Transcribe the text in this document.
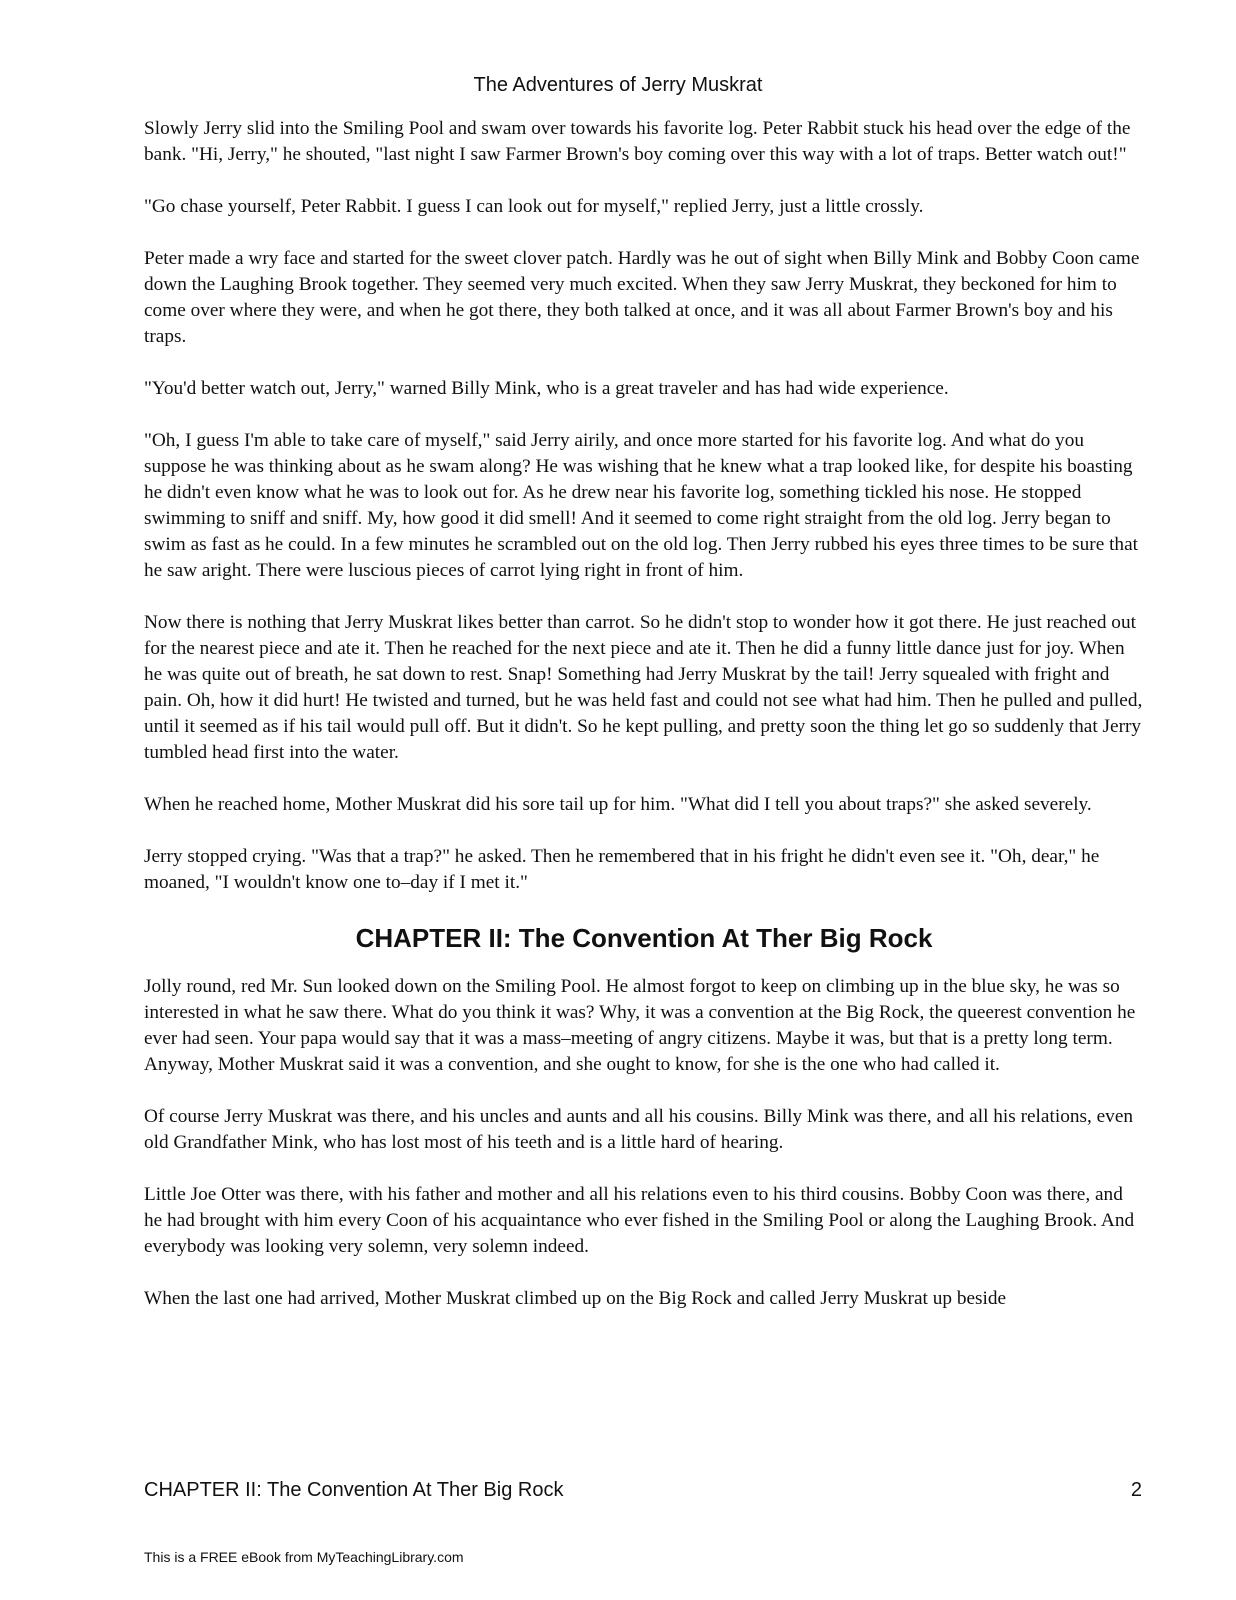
The Adventures of Jerry Muskrat

Slowly Jerry slid into the Smiling Pool and swam over towards his favorite log. Peter Rabbit stuck his head over the edge of the bank. "Hi, Jerry," he shouted, "last night I saw Farmer Brown's boy coming over this way with a lot of traps. Better watch out!"

"Go chase yourself, Peter Rabbit. I guess I can look out for myself," replied Jerry, just a little crossly.

Peter made a wry face and started for the sweet clover patch. Hardly was he out of sight when Billy Mink and Bobby Coon came down the Laughing Brook together. They seemed very much excited. When they saw Jerry Muskrat, they beckoned for him to come over where they were, and when he got there, they both talked at once, and it was all about Farmer Brown's boy and his traps.

"You'd better watch out, Jerry," warned Billy Mink, who is a great traveler and has had wide experience.

"Oh, I guess I'm able to take care of myself," said Jerry airily, and once more started for his favorite log. And what do you suppose he was thinking about as he swam along? He was wishing that he knew what a trap looked like, for despite his boasting he didn't even know what he was to look out for. As he drew near his favorite log, something tickled his nose. He stopped swimming to sniff and sniff. My, how good it did smell! And it seemed to come right straight from the old log. Jerry began to swim as fast as he could. In a few minutes he scrambled out on the old log. Then Jerry rubbed his eyes three times to be sure that he saw aright. There were luscious pieces of carrot lying right in front of him.

Now there is nothing that Jerry Muskrat likes better than carrot. So he didn't stop to wonder how it got there. He just reached out for the nearest piece and ate it. Then he reached for the next piece and ate it. Then he did a funny little dance just for joy. When he was quite out of breath, he sat down to rest. Snap! Something had Jerry Muskrat by the tail! Jerry squealed with fright and pain. Oh, how it did hurt! He twisted and turned, but he was held fast and could not see what had him. Then he pulled and pulled, until it seemed as if his tail would pull off. But it didn't. So he kept pulling, and pretty soon the thing let go so suddenly that Jerry tumbled head first into the water.

When he reached home, Mother Muskrat did his sore tail up for him. "What did I tell you about traps?" she asked severely.

Jerry stopped crying. "Was that a trap?" he asked. Then he remembered that in his fright he didn't even see it. "Oh, dear," he moaned, "I wouldn't know one to–day if I met it."

CHAPTER II: The Convention At Ther Big Rock

Jolly round, red Mr. Sun looked down on the Smiling Pool. He almost forgot to keep on climbing up in the blue sky, he was so interested in what he saw there. What do you think it was? Why, it was a convention at the Big Rock, the queerest convention he ever had seen. Your papa would say that it was a mass–meeting of angry citizens. Maybe it was, but that is a pretty long term. Anyway, Mother Muskrat said it was a convention, and she ought to know, for she is the one who had called it.

Of course Jerry Muskrat was there, and his uncles and aunts and all his cousins. Billy Mink was there, and all his relations, even old Grandfather Mink, who has lost most of his teeth and is a little hard of hearing.

Little Joe Otter was there, with his father and mother and all his relations even to his third cousins. Bobby Coon was there, and he had brought with him every Coon of his acquaintance who ever fished in the Smiling Pool or along the Laughing Brook. And everybody was looking very solemn, very solemn indeed.

When the last one had arrived, Mother Muskrat climbed up on the Big Rock and called Jerry Muskrat up beside

CHAPTER II: The Convention At Ther Big Rock	2
This is a FREE eBook from MyTeachingLibrary.com
